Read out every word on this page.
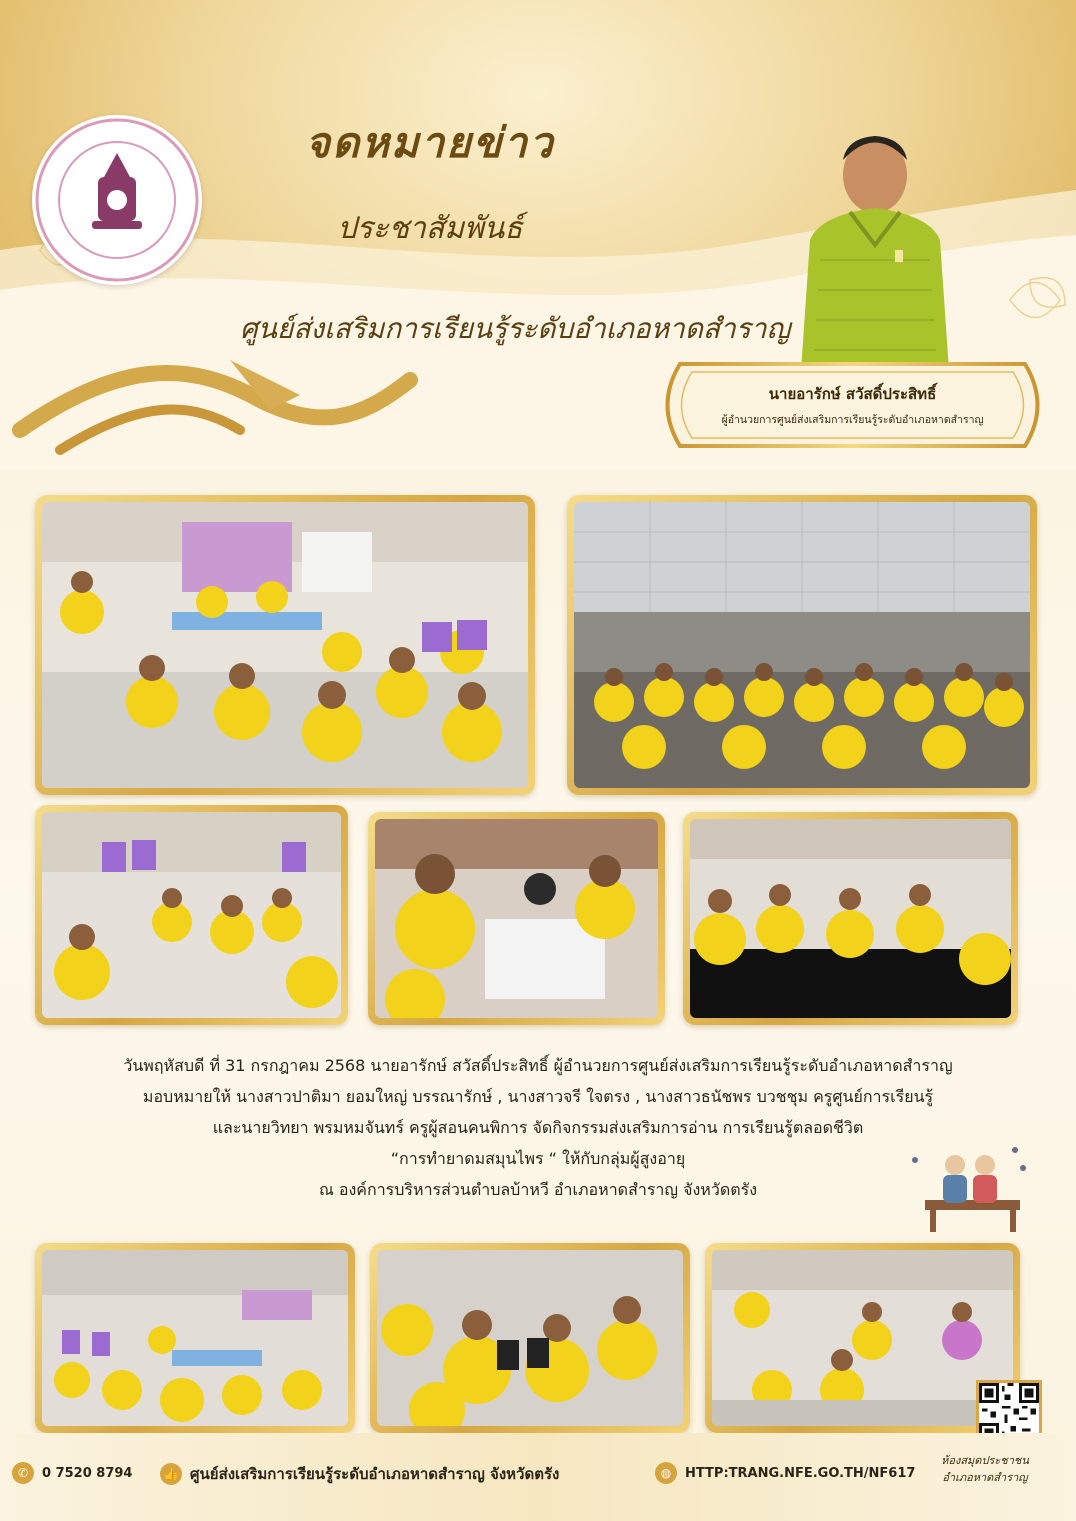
จดหมายข่าว
ประชาสัมพันธ์
ศูนย์ส่งเสริมการเรียนรู้ระดับอำเภอหาดสำราญ
นายอารักษ์ สวัสดิ์ประสิทธิ์
ผู้อำนวยการศูนย์ส่งเสริมการเรียนรู้ระดับอำเภอหาดสำราญ
วันพฤหัสบดี ที่ 31 กรกฎาคม 2568 นายอารักษ์ สวัสดิ์ประสิทธิ์ ผู้อำนวยการศูนย์ส่งเสริมการเรียนรู้ระดับอำเภอหาดสำราญ
มอบหมายให้ นางสาวปาติมา ยอมใหญ่ บรรณารักษ์ , นางสาวจรี ใจตรง , นางสาวธนัชพร บวชชุม ครูศูนย์การเรียนรู้
และนายวิทยา พรมหมจันทร์ ครูผู้สอนคนพิการ จัดกิจกรรมส่งเสริมการอ่าน การเรียนรู้ตลอดชีวิต
“การทำยาดมสมุนไพร “ ให้กับกลุ่มผู้สูงอายุ
ณ องค์การบริหารส่วนตำบลบ้าหวี อำเภอหาดสำราญ จังหวัดตรัง
✆	0 7520 8794	👍 ศูนย์ส่งเสริมการเรียนรู้ระดับอำเภอหาดสำราญ จังหวัดตรัง	◍	HTTP:TRANG.NFE.GO.TH/NF617
ห้องสมุดประชาชน
อำเภอหาดสำราญ
